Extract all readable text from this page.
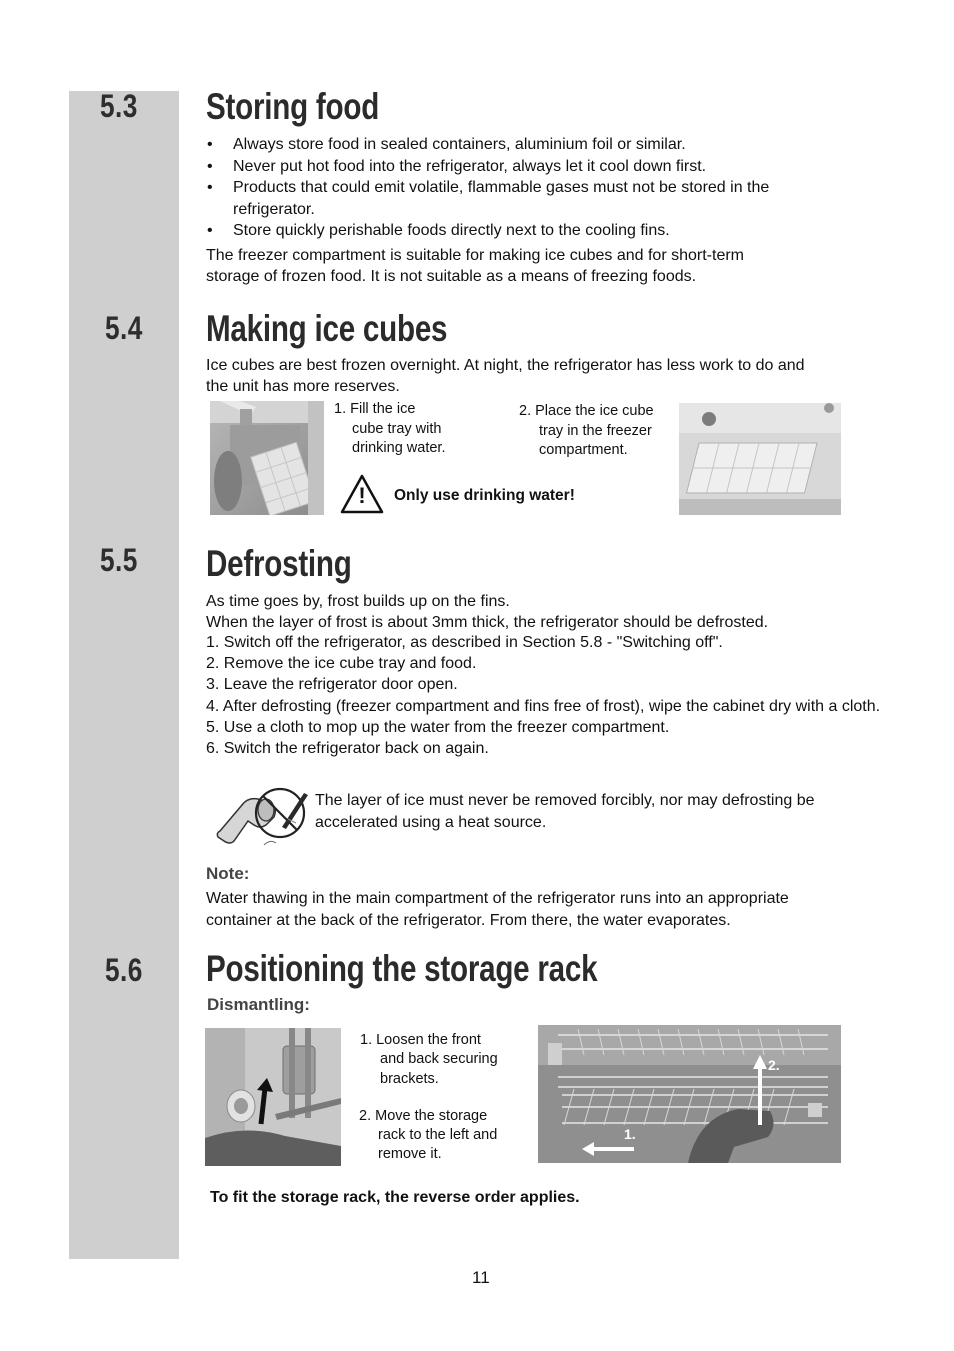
5.3	Storing food
• Always store food in sealed containers, aluminium foil or similar.
• Never put hot food into the refrigerator, always let it cool down first.
• Products that could emit volatile, flammable gases must not be stored in the refrigerator.
• Store quickly perishable foods directly next to the cooling fins.
The freezer compartment is suitable for making ice cubes and for short-term
storage of frozen food. It is not suitable as a means of freezing foods.
5.4	Making ice cubes
Ice cubes are best frozen overnight. At night, the refrigerator has less work to do and
the unit has more reserves.
1. Fill the ice
cube tray with
drinking water.
2. Place the ice cube
tray in the freezer
compartment.
!	Only use drinking water!
5.5	Defrosting
As time goes by, frost builds up on the fins.
When the layer of frost is about 3mm thick, the refrigerator should be defrosted.
1. Switch off the refrigerator, as described in Section 5.8 - "Switching off".
2. Remove the ice cube tray and food.
3. Leave the refrigerator door open.
4. After defrosting (freezer compartment and fins free of frost), wipe the cabinet dry with a cloth.
5. Use a cloth to mop up the water from the freezer compartment.
6. Switch the refrigerator back on again.
The layer of ice must never be removed forcibly, nor may defrosting be
accelerated using a heat source.
Note:
Water thawing in the main compartment of the refrigerator runs into an appropriate
container at the back of the refrigerator. From there, the water evaporates.
5.6	Positioning the storage rack
Dismantling:
1. Loosen the front
and back securing
brackets.
2. Move the storage
rack to the left and
remove it.
1.
2.
To fit the storage rack, the reverse order applies.
11
